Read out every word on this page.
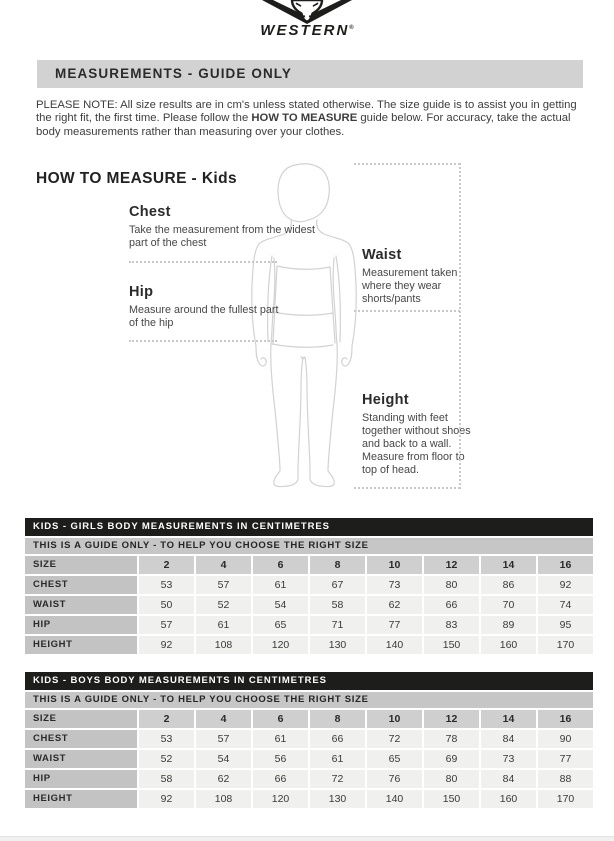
WESTERN®
MEASUREMENTS - GUIDE ONLY

PLEASE NOTE: All size results are in cm's unless stated otherwise. The size guide is to assist you in getting the right fit, the first time. Please follow the HOW TO MEASURE guide below. For accuracy, take the actual body measurements rather than measuring over your clothes.

HOW TO MEASURE - Kids

Chest

Take the measurement from the widest part of the chest

Waist

Measurement taken where they wear shorts/pants

Hip

Measure around the fullest part of the hip

Height

Standing with feet together without shoes and back to a wall. Measure from floor to top of head.

KIDS - GIRLS BODY MEASUREMENTS IN CENTIMETRES
THIS IS A GUIDE ONLY - TO HELP YOU CHOOSE THE RIGHT SIZE
SIZE	2	4	6	8	10	12	14	16
CHEST	53	57	61	67	73	80	86	92
WAIST	50	52	54	58	62	66	70	74
HIP	57	61	65	71	77	83	89	95
HEIGHT	92	108	120	130	140	150	160	170
KIDS - BOYS BODY MEASUREMENTS IN CENTIMETRES
THIS IS A GUIDE ONLY - TO HELP YOU CHOOSE THE RIGHT SIZE
SIZE	2	4	6	8	10	12	14	16
CHEST	53	57	61	66	72	78	84	90
WAIST	52	54	56	61	65	69	73	77
HIP	58	62	66	72	76	80	84	88
HEIGHT	92	108	120	130	140	150	160	170
